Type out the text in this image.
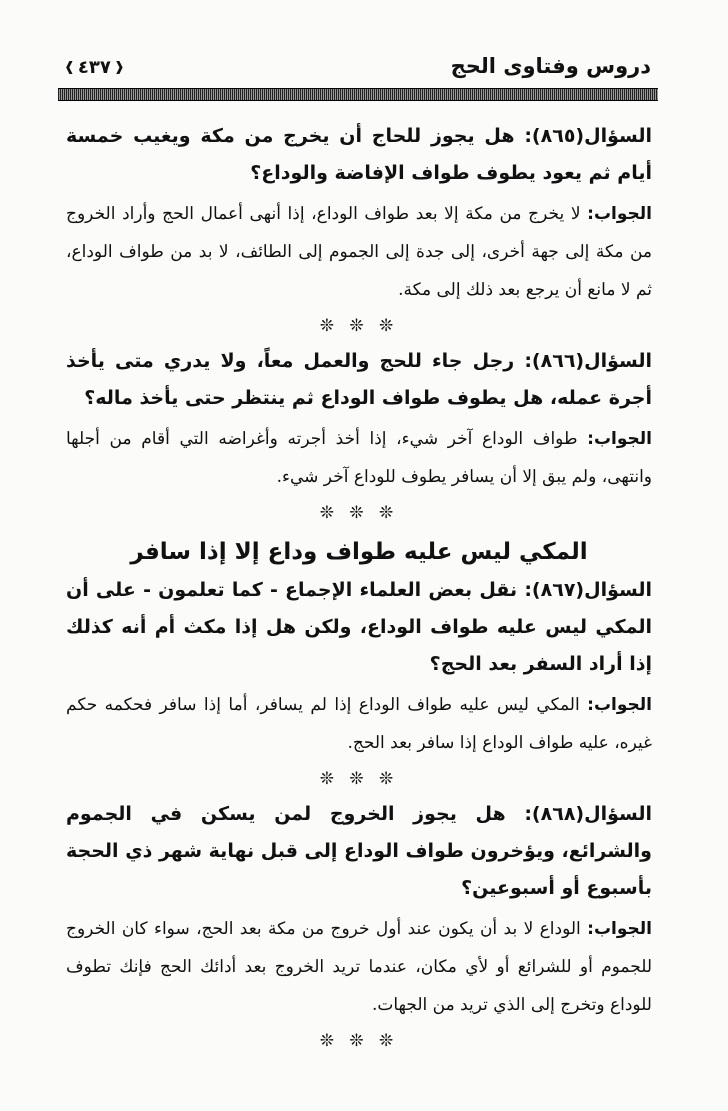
دروس وفتاوى الحج
❰ ٤٣٧ ❱

السؤال(٨٦٥): هل يجوز للحاج أن يخرج من مكة ويغيب خمسة أيام ثم يعود يطوف طواف الإفاضة والوداع؟

الجواب: لا يخرج من مكة إلا بعد طواف الوداع، إذا أنهى أعمال الحج وأراد الخروج من مكة إلى جهة أخرى، إلى جدة إلى الجموم إلى الطائف، لا بد من طواف الوداع، ثم لا مانع أن يرجع بعد ذلك إلى مكة.

❊ ❊ ❊

السؤال(٨٦٦): رجل جاء للحج والعمل معاً، ولا يدري متى يأخذ أجرة عمله، هل يطوف طواف الوداع ثم ينتظر حتى يأخذ ماله؟

الجواب: طواف الوداع آخر شيء، إذا أخذ أجرته وأغراضه التي أقام من أجلها وانتهى، ولم يبق إلا أن يسافر يطوف للوداع آخر شيء.

❊ ❊ ❊
المكي ليس عليه طواف وداع إلا إذا سافر

السؤال(٨٦٧): نقل بعض العلماء الإجماع - كما تعلمون - على أن المكي ليس عليه طواف الوداع، ولكن هل إذا مكث أم أنه كذلك إذا أراد السفر بعد الحج؟

الجواب: المكي ليس عليه طواف الوداع إذا لم يسافر، أما إذا سافر فحكمه حكم غيره، عليه طواف الوداع إذا سافر بعد الحج.

❊ ❊ ❊

السؤال(٨٦٨): هل يجوز الخروج لمن يسكن في الجموم والشرائع، ويؤخرون طواف الوداع إلى قبل نهاية شهر ذي الحجة بأسبوع أو أسبوعين؟

الجواب: الوداع لا بد أن يكون عند أول خروج من مكة بعد الحج، سواء كان الخروج للجموم أو للشرائع أو لأي مكان، عندما تريد الخروج بعد أدائك الحج فإنك تطوف للوداع وتخرج إلى الذي تريد من الجهات.

❊ ❊ ❊
